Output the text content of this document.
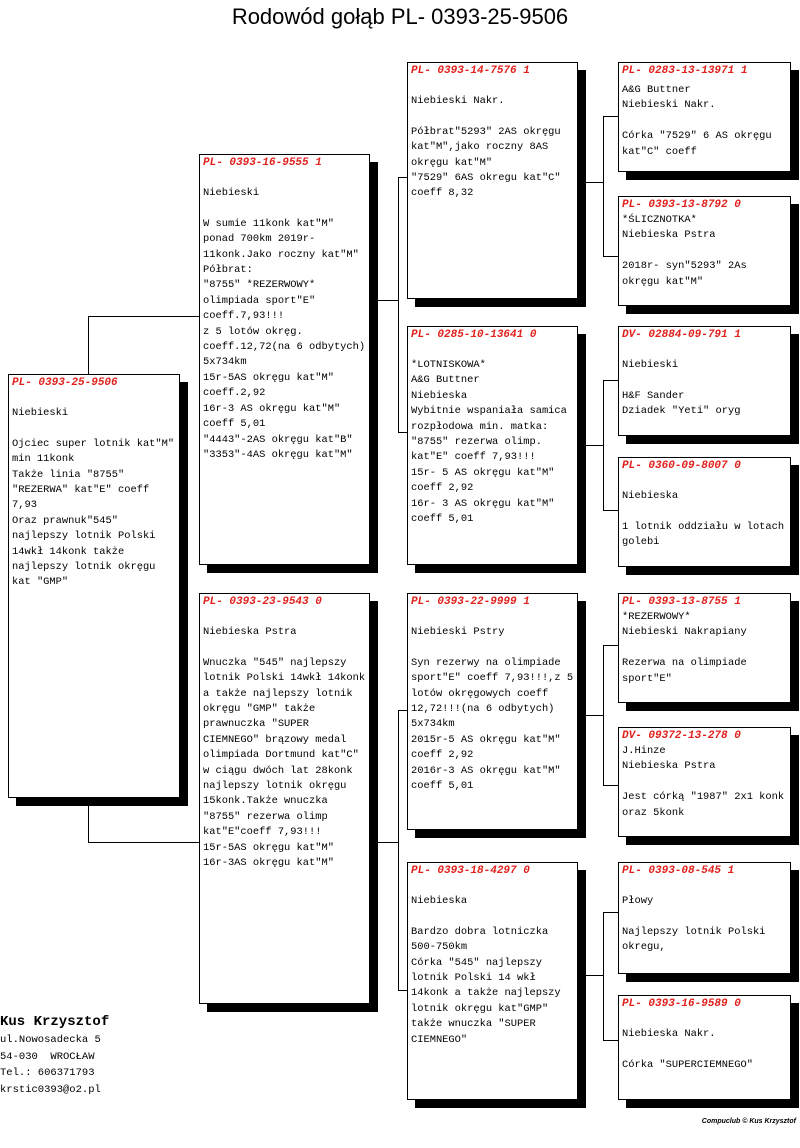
Rodowód gołąb PL- 0393-25-9506
PL- 0393-25-9506
Niebieski

Ojciec super lotnik kat"M" min 11konk
Także linia "8755" "REZERWA" kat"E" coeff 7,93
Oraz prawnuk"545" najlepszy lotnik Polski 14wkł 14konk także najlepszy lotnik okręgu kat "GMP"
PL- 0393-16-9555 1
Niebieski

W sumie 11konk kat"M" ponad 700km 2019r- 11konk.Jako roczny kat"M"
Półbrat:
"8755" *REZERWOWY* olimpiada sport"E" coeff.7,93!!!
z 5 lotów okręg. coeff.12,72(na 6 odbytych) 5x734km
15r-5AS okręgu kat"M" coeff.2,92
16r-3 AS okręgu kat"M" coeff 5,01
"4443"-2AS okręgu kat"B"
"3353"-4AS okręgu kat"M"
PL- 0393-23-9543 0
Niebieska Pstra

Wnuczka "545" najlepszy lotnik Polski 14wkł 14konk a także najlepszy lotnik okręgu "GMP" także prawnuczka "SUPER CIEMNEGO" brązowy medal olimpiada Dortmund kat"C" w ciągu dwóch lat 28konk najlepszy lotnik okręgu 15konk.Także wnuczka "8755" rezerwa olimp kat"E"coeff 7,93!!!
15r-5AS okręgu kat"M"
16r-3AS okręgu kat"M"
PL- 0393-14-7576 1
Niebieski Nakr.

Półbrat"5293" 2AS okręgu kat"M",jako roczny 8AS okręgu kat"M"
"7529" 6AS okregu kat"C" coeff 8,32
PL- 0285-10-13641 0
*LOTNISKOWA*
A&G Buttner
Niebieska
Wybitnie wspaniała samica rozpłodowa min. matka:
"8755" rezerwa olimp. kat"E" coeff 7,93!!!
15r- 5 AS okręgu kat"M" coeff 2,92
16r- 3 AS okręgu kat"M" coeff 5,01
PL- 0393-22-9999 1
Niebieski Pstry

Syn rezerwy na olimpiade sport"E" coeff 7,93!!!,z 5 lotów okręgowych coeff 12,72!!!(na 6 odbytych) 5x734km
2015r-5 AS okręgu kat"M" coeff 2,92
2016r-3 AS okręgu kat"M" coeff 5,01
PL- 0393-18-4297 0
Niebieska

Bardzo dobra lotniczka 500-750km
Córka "545" najlepszy lotnik Polski 14 wkł 14konk a także najlepszy lotnik okręgu kat"GMP" także wnuczka "SUPER CIEMNEGO"
PL- 0283-13-13971 1
A&G Buttner
Niebieski Nakr.

Córka "7529" 6 AS okręgu kat"C" coeff
PL- 0393-13-8792 0
*ŚLICZNOTKA*
Niebieska Pstra

2018r- syn"5293" 2As okręgu kat"M"
DV- 02884-09-791 1
Niebieski

H&F Sander
Dziadek "Yeti" oryg
PL- 0360-09-8007 0
Niebieska

1 lotnik oddziału w lotach golebi
PL- 0393-13-8755 1
*REZERWOWY*
Niebieski Nakrapiany

Rezerwa na olimpiade sport"E"
DV- 09372-13-278 0
J.Hinze
Niebieska Pstra

Jest córką "1987" 2x1 konk oraz 5konk
PL- 0393-08-545 1
Płowy

Najlepszy lotnik Polski okregu,
PL- 0393-16-9589 0
Niebieska Nakr.

Córka "SUPERCIEMNEGO"
Kus Krzysztof
ul.Nowosadecka 5
54-030  WROCŁAW
Tel.: 606371793
krstic0393@o2.pl
Compuclub © Kus Krzysztof
